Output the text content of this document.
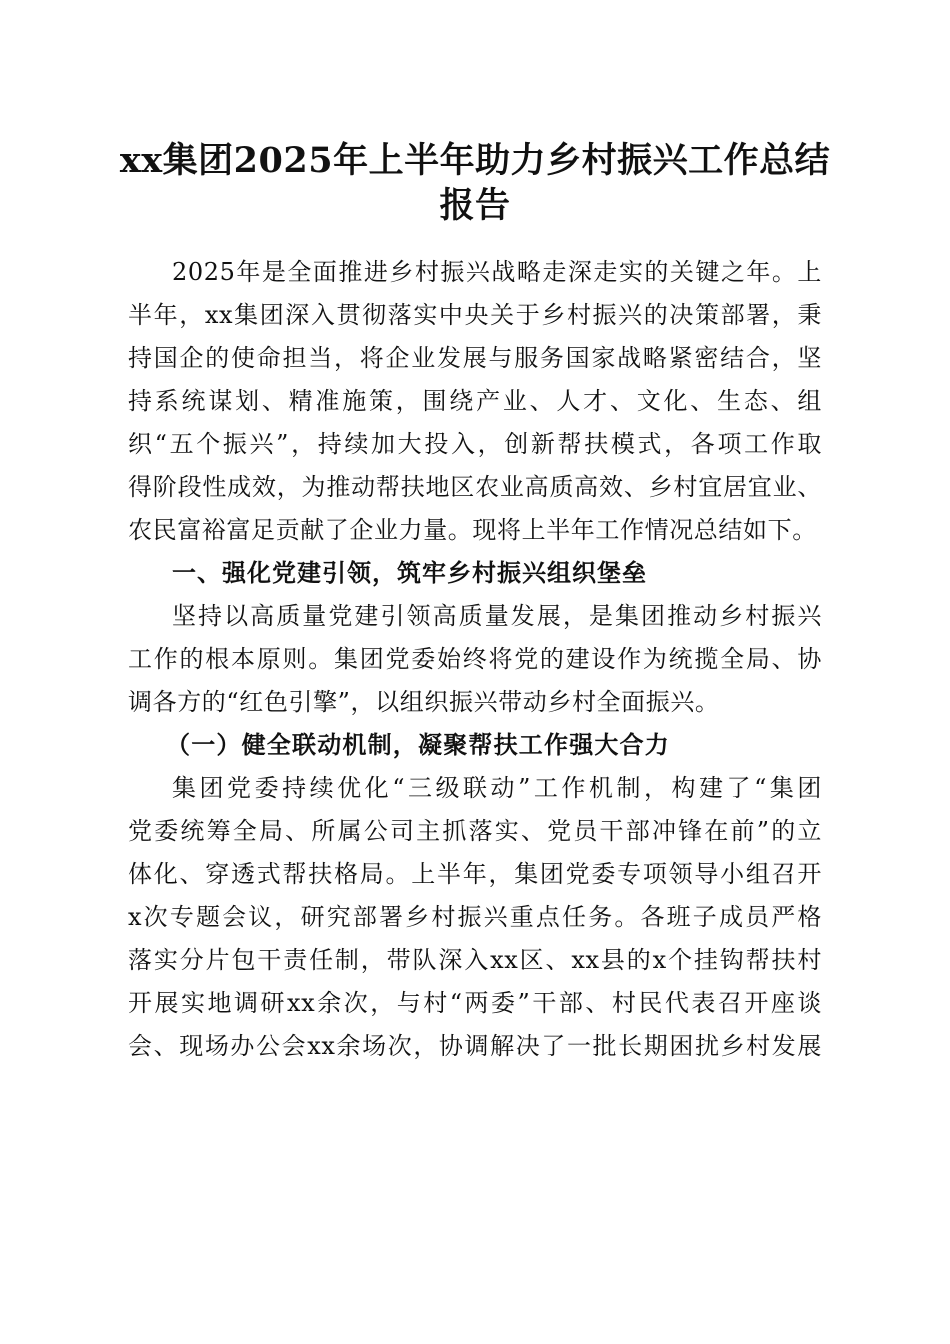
xx集团2025年上半年助力乡村振兴工作总结
报告
2025年是全面推进乡村振兴战略走深走实的关键之年。上
半年，xx集团深入贯彻落实中央关于乡村振兴的决策部署，秉
持国企的使命担当，将企业发展与服务国家战略紧密结合，坚
持系统谋划、精准施策，围绕产业、人才、文化、生态、组
织“五个振兴”，持续加大投入，创新帮扶模式，各项工作取
得阶段性成效，为推动帮扶地区农业高质高效、乡村宜居宜业、
农民富裕富足贡献了企业力量。现将上半年工作情况总结如下。
一、强化党建引领，筑牢乡村振兴组织堡垒
坚持以高质量党建引领高质量发展，是集团推动乡村振兴
工作的根本原则。集团党委始终将党的建设作为统揽全局、协
调各方的“红色引擎”，以组织振兴带动乡村全面振兴。
（一）健全联动机制，凝聚帮扶工作强大合力
集团党委持续优化“三级联动”工作机制，构建了“集团
党委统筹全局、所属公司主抓落实、党员干部冲锋在前”的立
体化、穿透式帮扶格局。上半年，集团党委专项领导小组召开
x次专题会议，研究部署乡村振兴重点任务。各班子成员严格
落实分片包干责任制，带队深入xx区、xx县的x个挂钩帮扶村
开展实地调研xx余次，与村“两委”干部、村民代表召开座谈
会、现场办公会xx余场次，协调解决了一批长期困扰乡村发展
